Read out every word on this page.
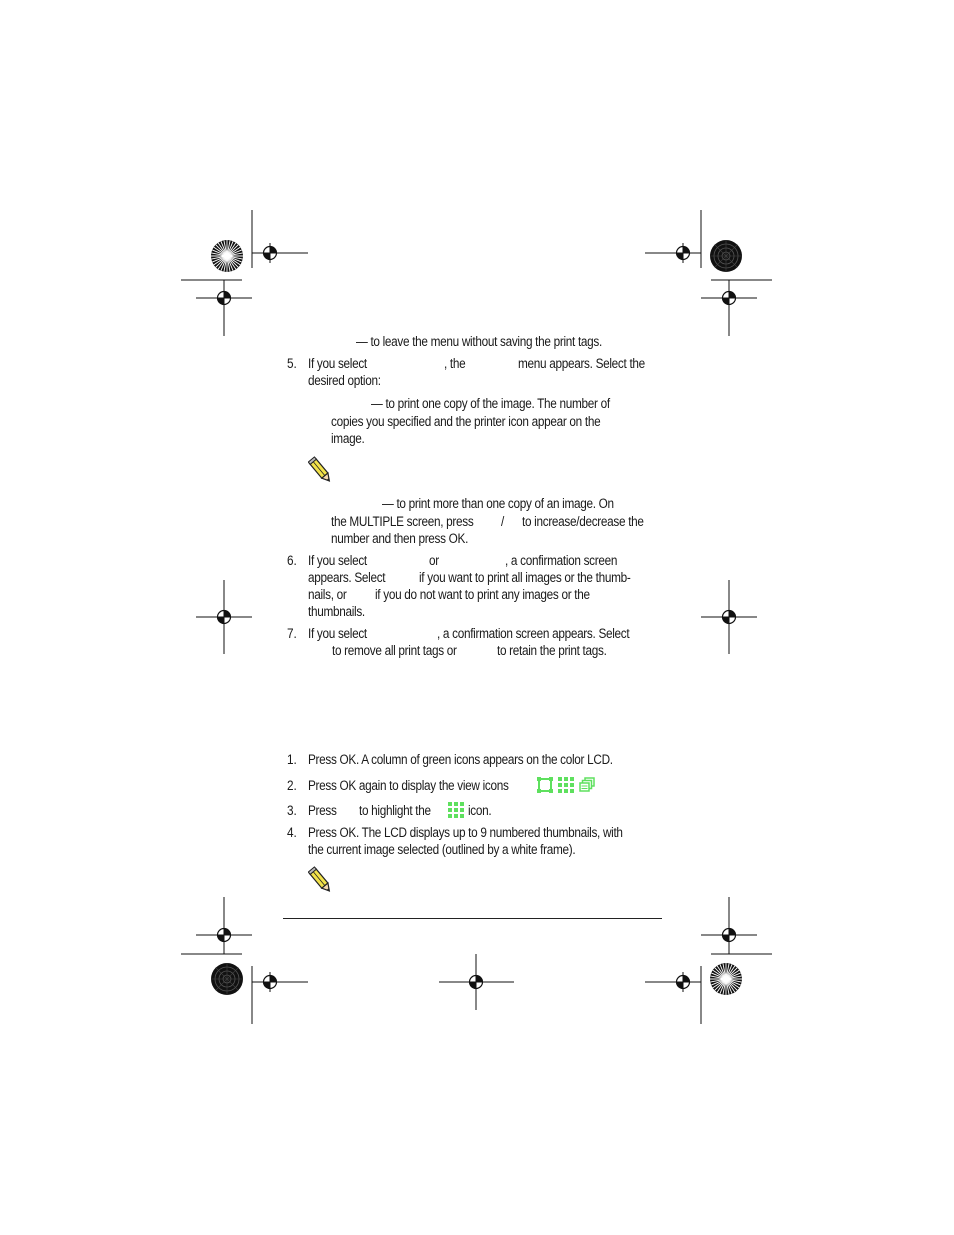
— to leave the menu without saving the print tags.

5. If you select	, the	menu appears. Select the

desired option:

— to print one copy of the image. The number of

copies you specified and the printer icon appear on the

image.

— to print more than one copy of an image. On

the MULTIPLE screen, press / to increase/decrease the

number and then press OK.

6. If you select	or	, a confirmation screen

appears. Select	if you want to print all images or the thumb-

nails, or if you do not want to print any images or the

thumbnails.

7. If you select	, a confirmation screen appears. Select

to remove all print tags or	to retain the print tags.

1. Press OK. A column of green icons appears on the color LCD.

2. Press OK again to display the view icons

3. Press to highlight the	icon.

4. Press OK. The LCD displays up to 9 numbered thumbnails, with

the current image selected (outlined by a white frame).
